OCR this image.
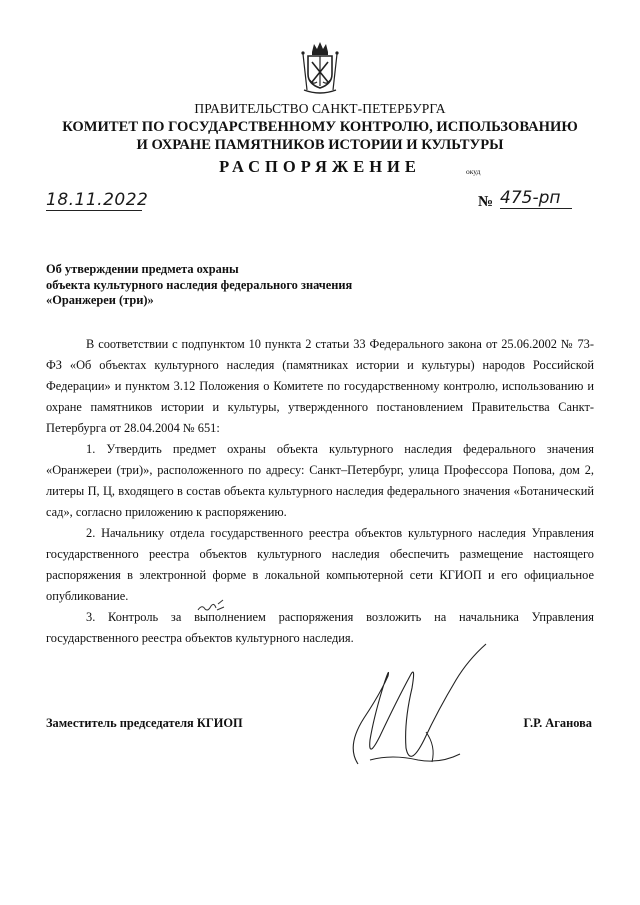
ПРАВИТЕЛЬСТВО САНКТ-ПЕТЕРБУРГА
КОМИТЕТ ПО ГОСУДАРСТВЕННОМУ КОНТРОЛЮ, ИСПОЛЬЗОВАНИЮ
И ОХРАНЕ ПАМЯТНИКОВ ИСТОРИИ И КУЛЬТУРЫ
РАСПОРЯЖЕНИЕ	окуд
18.11.2022	№ 475-рп
Об утверждении предмета охраны
объекта культурного наследия федерального значения
«Оранжереи (три)»

В соответствии с подпунктом 10 пункта 2 статьи 33 Федерального закона от 25.06.2002 № 73-ФЗ «Об объектах культурного наследия (памятниках истории и культуры) народов Российской Федерации» и пунктом 3.12 Положения о Комитете по государственному контролю, использованию и охране памятников истории и культуры, утвержденного постановлением Правительства Санкт-Петербурга от 28.04.2004 № 651:

1. Утвердить предмет охраны объекта культурного наследия федерального значения «Оранжереи (три)», расположенного по адресу: Санкт–Петербург, улица Профессора Попова, дом 2, литеры П, Ц, входящего в состав объекта культурного наследия федерального значения «Ботанический сад», согласно приложению к распоряжению.

2. Начальнику отдела государственного реестра объектов культурного наследия Управления государственного реестра объектов культурного наследия обеспечить размещение настоящего распоряжения в электронной форме в локальной компьютерной сети КГИОП и его официальное опубликование.

3. Контроль за выполнением распоряжения возложить на начальника Управления государственного реестра объектов культурного наследия.

Заместитель председателя КГИОП	Г.Р. Аганова
